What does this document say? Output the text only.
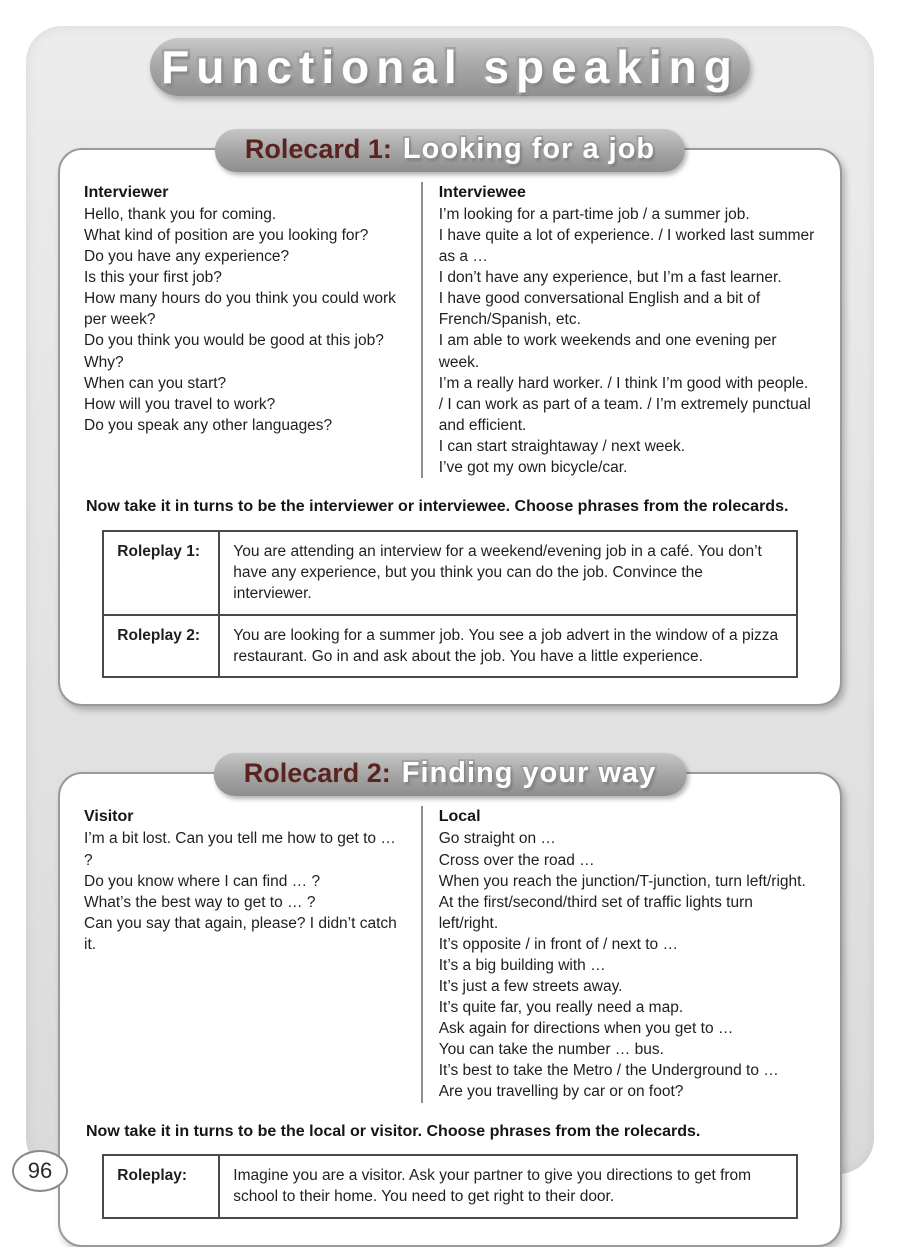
Functional speaking
Rolecard 1: Looking for a job
Interviewer

Hello, thank you for coming.

What kind of position are you looking for?

Do you have any experience?

Is this your first job?

How many hours do you think you could work per week?

Do you think you would be good at this job? Why?

When can you start?

How will you travel to work?

Do you speak any other languages?

Interviewee

I’m looking for a part-time job / a summer job.

I have quite a lot of experience. / I worked last summer as a …

I don’t have any experience, but I’m a fast learner.

I have good conversational English and a bit of French/Spanish, etc.

I am able to work weekends and one evening per week.

I’m a really hard worker. / I think I’m good with people. / I can work as part of a team. / I’m extremely punctual and efficient.

I can start straightaway / next week.

I’ve got my own bicycle/car.

Now take it in turns to be the interviewer or interviewee. Choose phrases from the rolecards.

Roleplay 1:	You are attending an interview for a weekend/evening job in a café. You don’t have any experience, but you think you can do the job. Convince the interviewer.
Roleplay 2:	You are looking for a summer job. You see a job advert in the window of a pizza restaurant. Go in and ask about the job. You have a little experience.
Rolecard 2: Finding your way
Visitor

I’m a bit lost. Can you tell me how to get to … ?

Do you know where I can find … ?

What’s the best way to get to … ?

Can you say that again, please? I didn’t catch it.

Local

Go straight on …

Cross over the road …

When you reach the junction/T-junction, turn left/right.

At the first/second/third set of traffic lights turn left/right.

It’s opposite / in front of / next to …

It’s a big building with …

It’s just a few streets away.

It’s quite far, you really need a map.

Ask again for directions when you get to …

You can take the number … bus.

It’s best to take the Metro / the Underground to …

Are you travelling by car or on foot?

Now take it in turns to be the local or visitor. Choose phrases from the rolecards.

Roleplay:	Imagine you are a visitor. Ask your partner to give you directions to get from school to their home. You need to get right to their door.
96
